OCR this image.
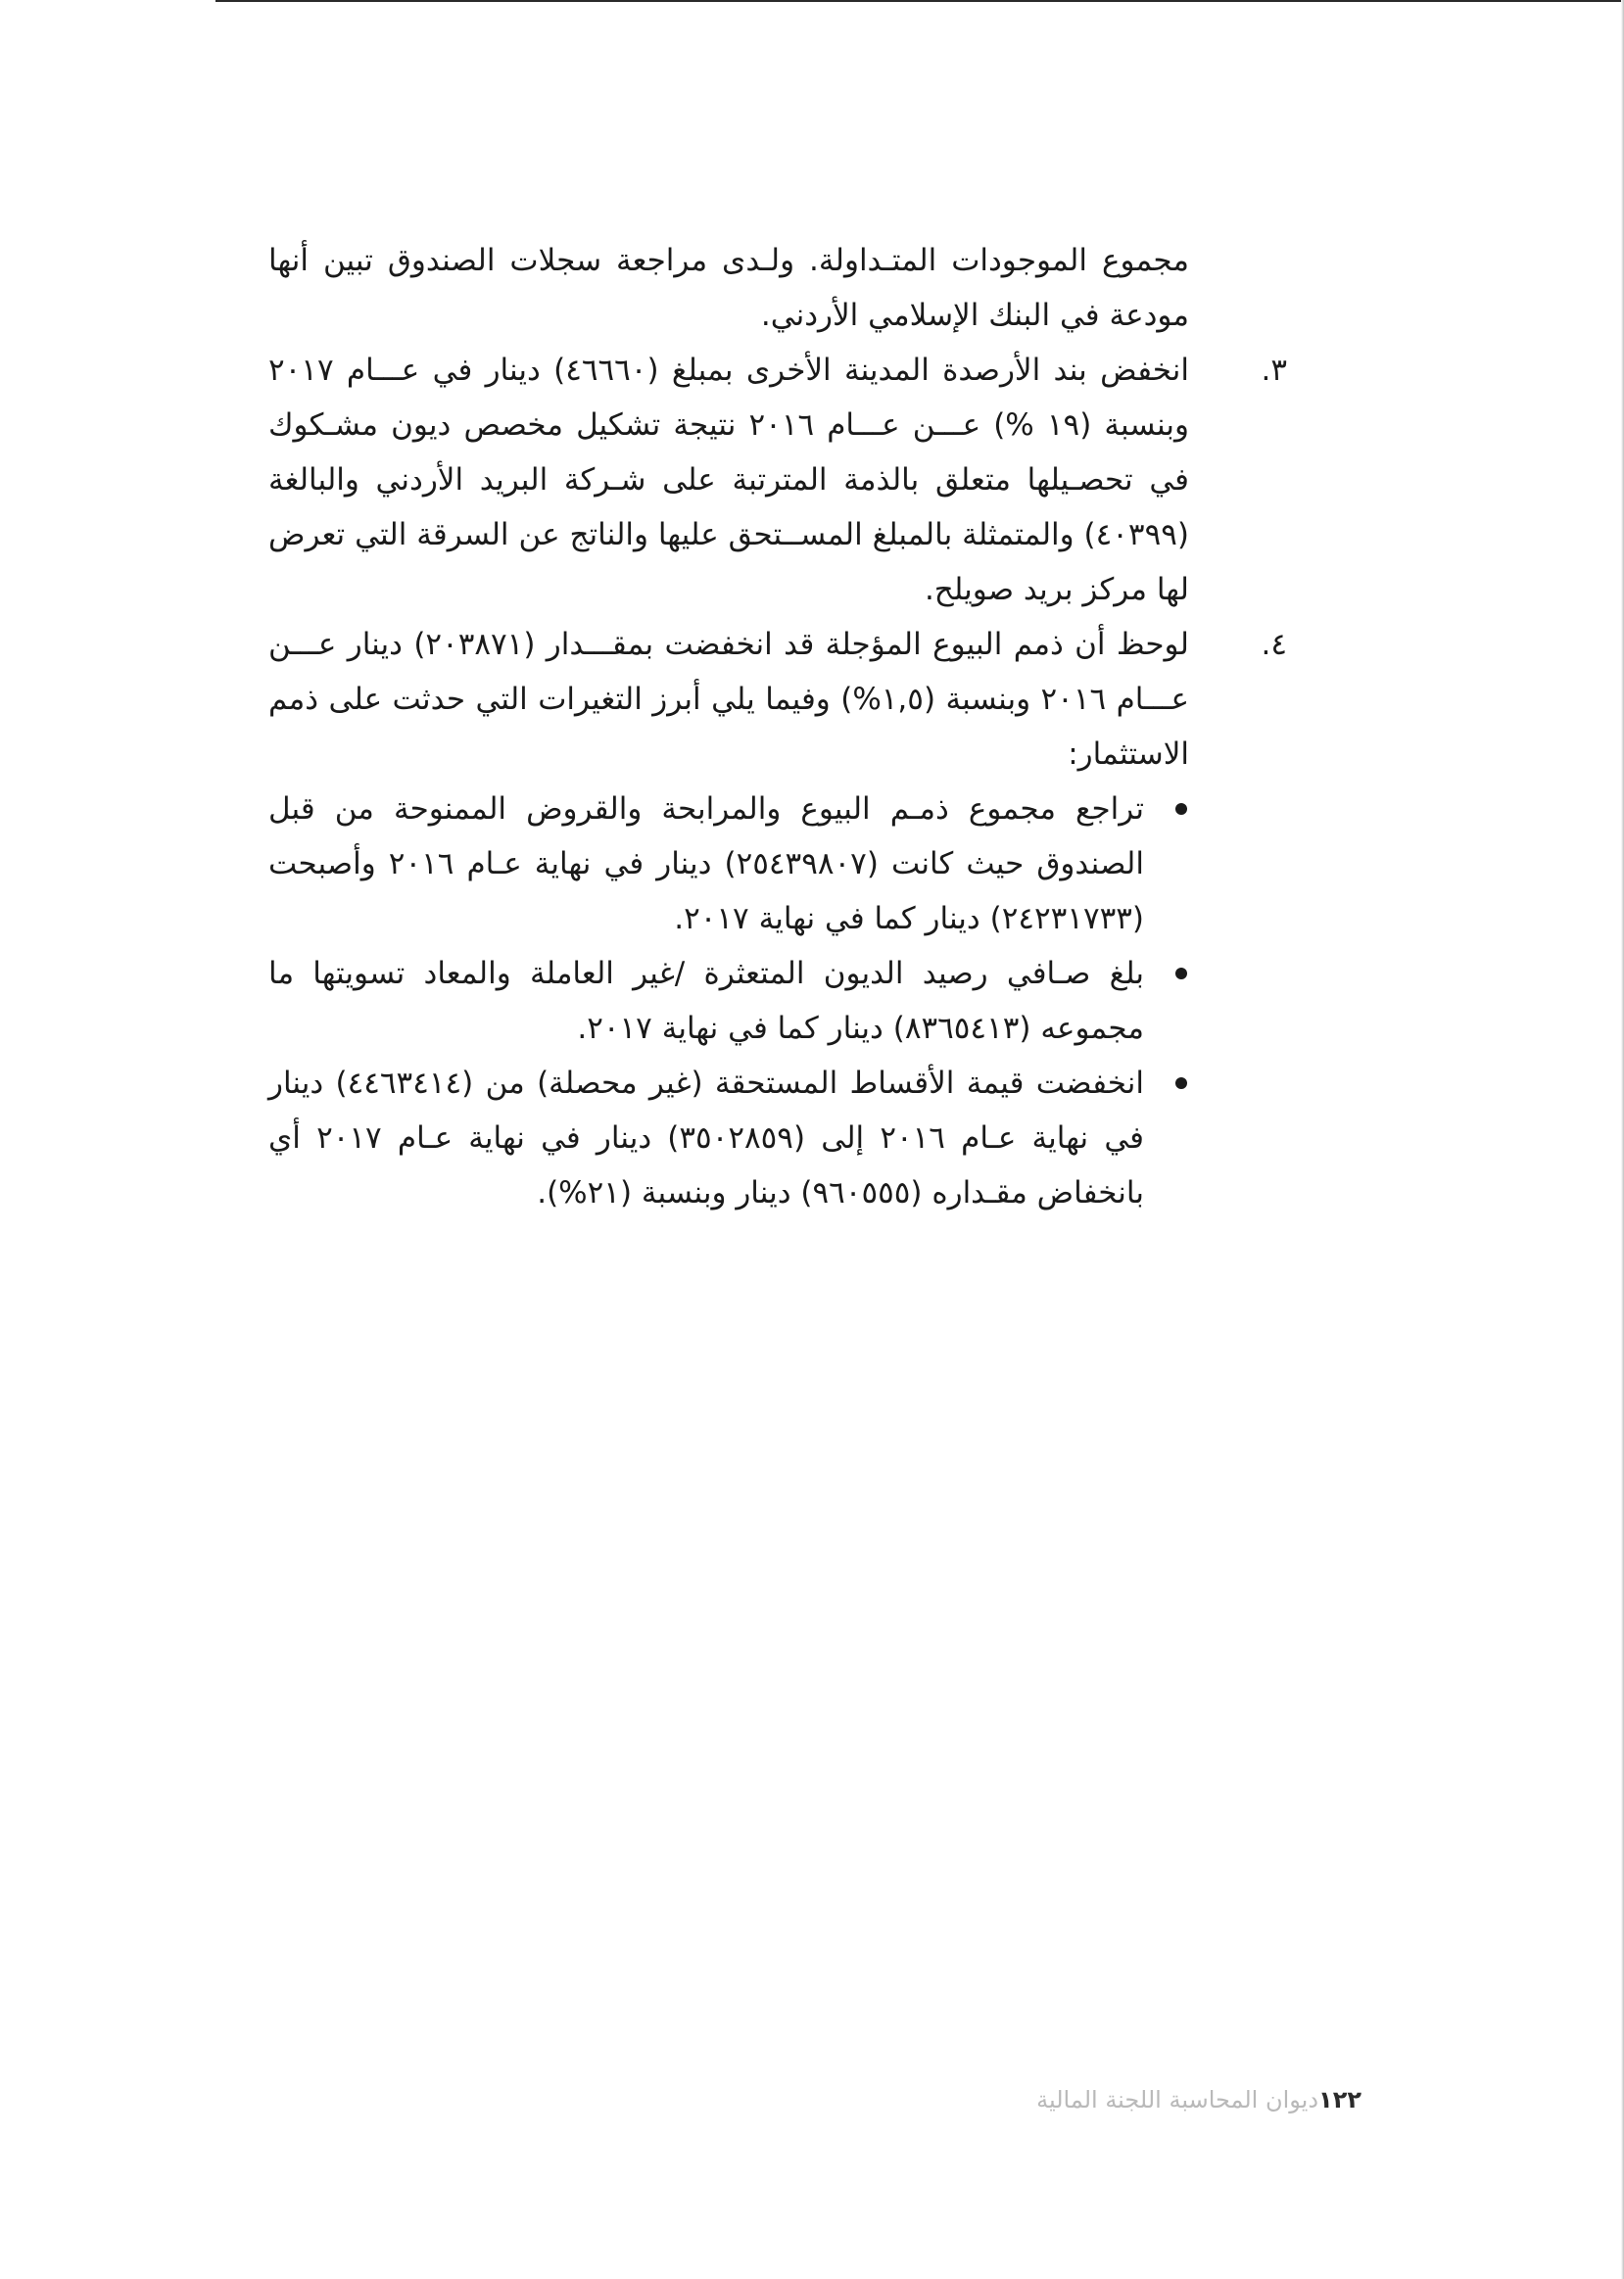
مجموع الموجودات المتـداولة. ولـدى مراجعة سجلات الصندوق تبين أنها مودعة في البنك الإسلامي الأردني.

٣.
انخفض بند الأرصدة المدينة الأخرى بمبلغ (٤٦٦٦٠) دينار في عـــام ٢٠١٧ وبنسبة (١٩ %) عـــن عـــام ٢٠١٦ نتيجة تشكيل مخصص ديون مشـكوك في تحصـيلها متعلق بالذمة المترتبة على شـركة البريد الأردني والبالغة (٤٠٣٩٩) والمتمثلة بالمبلغ المســتحق عليها والناتج عن السرقة التي تعرض لها مركز بريد صويلح.
٤.
لوحظ أن ذمم البيوع المؤجلة قد انخفضت بمقـــدار (٢٠٣٨٧١) دينار عـــن عـــام ٢٠١٦ وبنسبة (١,٥%) وفيما يلي أبرز التغيرات التي حدثت على ذمم الاستثمار:
تراجع مجموع ذمـم البيوع والمرابحة والقروض الممنوحة من قبل الصندوق حيث كانت (٢٥٤٣٩٨٠٧) دينار في نهاية عـام ٢٠١٦ وأصبحت (٢٤٢٣١٧٣٣) دينار كما في نهاية ٢٠١٧.
بلغ صـافي رصيد الديون المتعثرة /غير العاملة والمعاد تسويتها ما مجموعه (٨٣٦٥٤١٣) دينار كما في نهاية ٢٠١٧.
انخفضت قيمة الأقساط المستحقة (غير محصلة) من (٤٤٦٣٤١٤) دينار في نهاية عـام ٢٠١٦ إلى (٣٥٠٢٨٥٩) دينار في نهاية عـام ٢٠١٧ أي بانخفاض مقـداره (٩٦٠٥٥٥) دينار وبنسبة (٢١%).
١٢٢ديوان المحاسبة اللجنة المالية
